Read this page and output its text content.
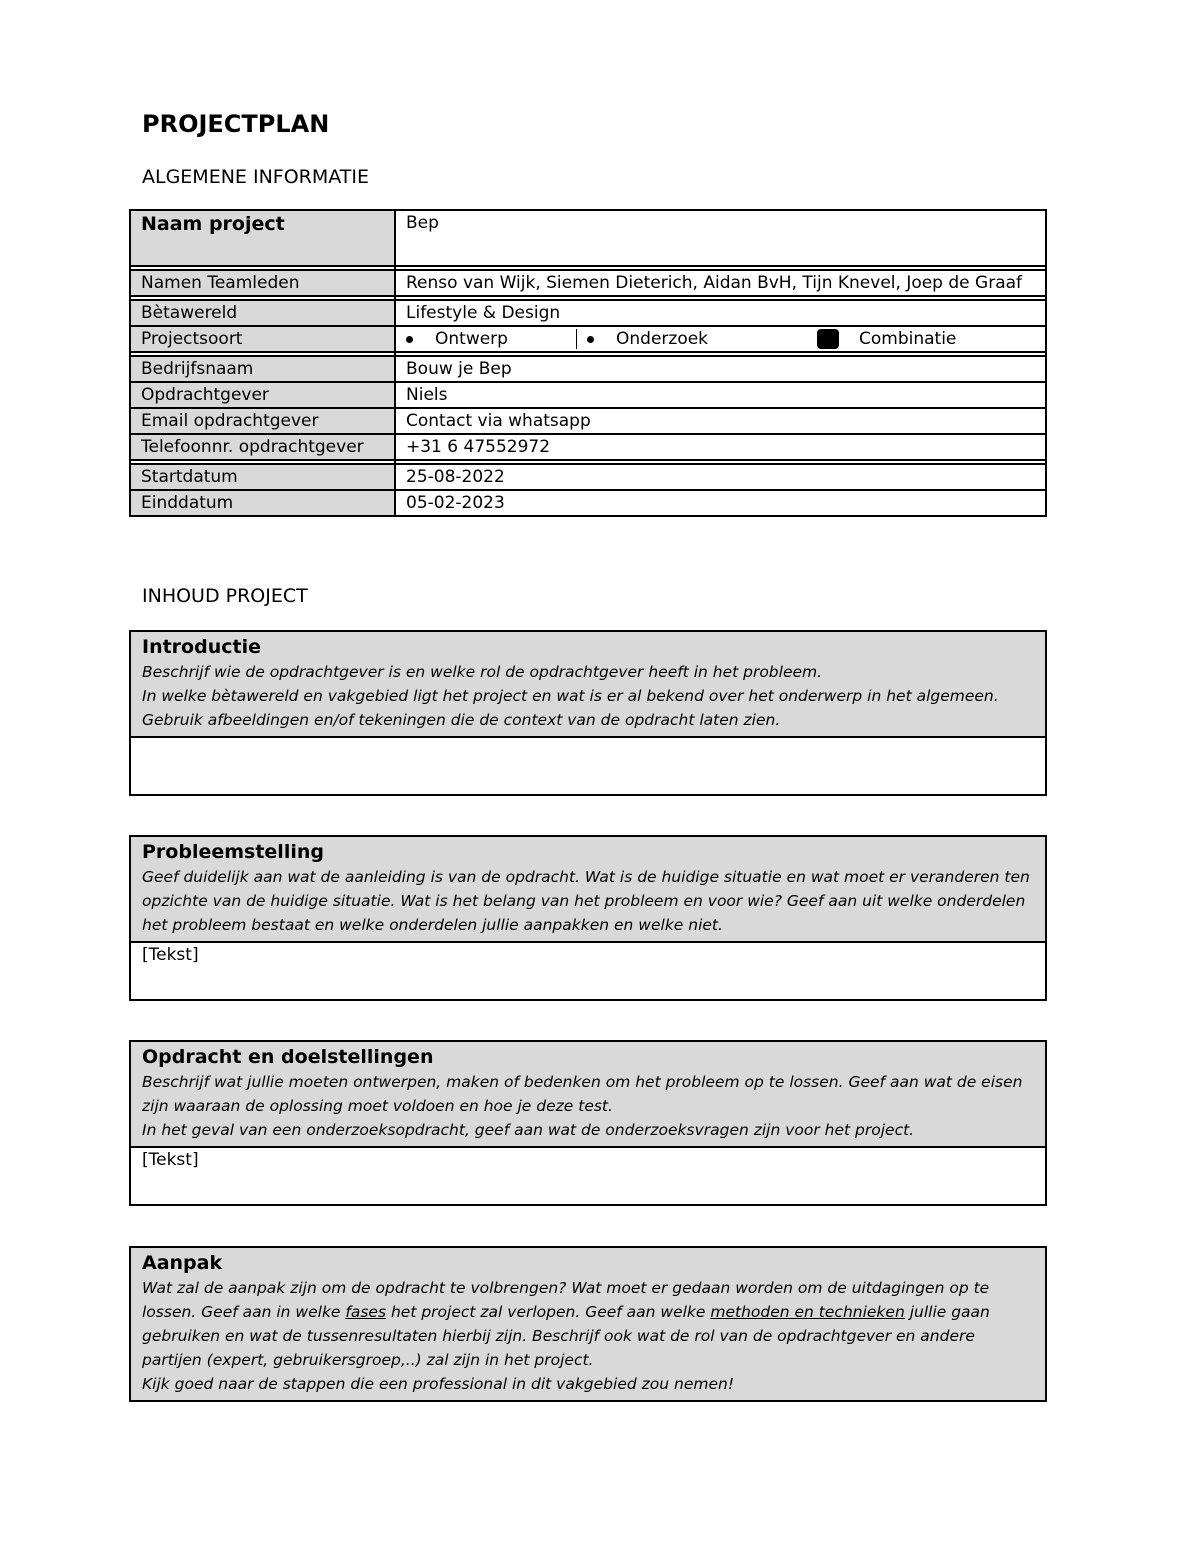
PROJECTPLAN
ALGEMENE INFORMATIE
Naam project	Bep

Namen Teamleden	Renso van Wijk, Siemen Dieterich, Aidan BvH, Tijn Knevel, Joep de Graaf

Bètawereld	Lifestyle & Design
Projectsoort	Ontwerp Onderzoek Combinatie

Bedrijfsnaam	Bouw je Bep
Opdrachtgever	Niels
Email opdrachtgever	Contact via whatsapp
Telefoonnr. opdrachtgever	+31 6 47552972

Startdatum	25-08-2022
Einddatum	05-02-2023
INHOUD PROJECT
Introductie
Beschrijf wie de opdrachtgever is en welke rol de opdrachtgever heeft in het probleem.
In welke bètawereld en vakgebied ligt het project en wat is er al bekend over het onderwerp in het algemeen.
Gebruik afbeeldingen en/of tekeningen die de context van de opdracht laten zien.
Probleemstelling
Geef duidelijk aan wat de aanleiding is van de opdracht. Wat is de huidige situatie en wat moet er veranderen ten opzichte van de huidige situatie. Wat is het belang van het probleem en voor wie? Geef aan uit welke onderdelen het probleem bestaat en welke onderdelen jullie aanpakken en welke niet.
[Tekst]
Opdracht en doelstellingen
Beschrijf wat jullie moeten ontwerpen, maken of bedenken om het probleem op te lossen. Geef aan wat de eisen zijn waaraan de oplossing moet voldoen en hoe je deze test.
In het geval van een onderzoeksopdracht, geef aan wat de onderzoeksvragen zijn voor het project.
[Tekst]
Aanpak
Wat zal de aanpak zijn om de opdracht te volbrengen? Wat moet er gedaan worden om de uitdagingen op te lossen. Geef aan in welke fases het project zal verlopen. Geef aan welke methoden en technieken jullie gaan gebruiken en wat de tussenresultaten hierbij zijn. Beschrijf ook wat de rol van de opdrachtgever en andere partijen (expert, gebruikersgroep,..) zal zijn in het project.
Kijk goed naar de stappen die een professional in dit vakgebied zou nemen!
